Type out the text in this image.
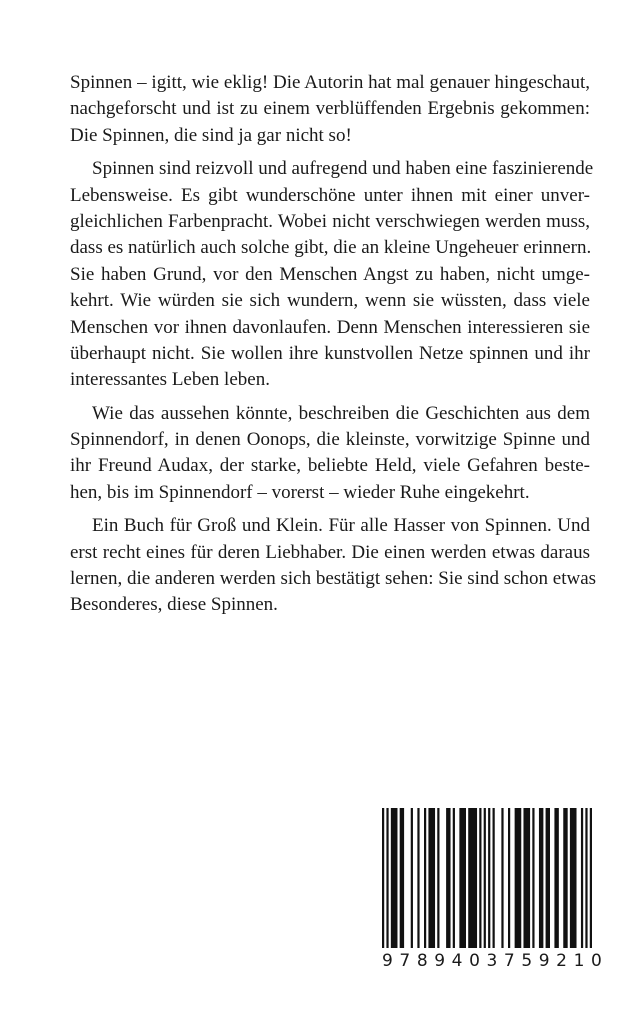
Spinnen – igitt, wie eklig! Die Autorin hat mal genauer hingeschaut,
nachgeforscht und ist zu einem verblüffenden Ergebnis gekommen:
Die Spinnen, die sind ja gar nicht so!
Spinnen sind reizvoll und aufregend und haben eine faszinierende
Lebensweise. Es gibt wunderschöne unter ihnen mit einer unver-
gleichlichen Farbenpracht. Wobei nicht verschwiegen werden muss,
dass es natürlich auch solche gibt, die an kleine Ungeheuer erinnern.
Sie haben Grund, vor den Menschen Angst zu haben, nicht umge-
kehrt. Wie würden sie sich wundern, wenn sie wüssten, dass viele
Menschen vor ihnen davonlaufen. Denn Menschen interessieren sie
überhaupt nicht. Sie wollen ihre kunstvollen Netze spinnen und ihr
interessantes Leben leben.
Wie das aussehen könnte, beschreiben die Geschichten aus dem
Spinnendorf, in denen Oonops, die kleinste, vorwitzige Spinne und
ihr Freund Audax, der starke, beliebte Held, viele Gefahren beste-
hen, bis im Spinnendorf – vorerst – wieder Ruhe eingekehrt.
Ein Buch für Groß und Klein. Für alle Hasser von Spinnen. Und
erst recht eines für deren Liebhaber. Die einen werden etwas daraus
lernen, die anderen werden sich bestätigt sehen: Sie sind schon etwas
Besonderes, diese Spinnen.
9789403759210
